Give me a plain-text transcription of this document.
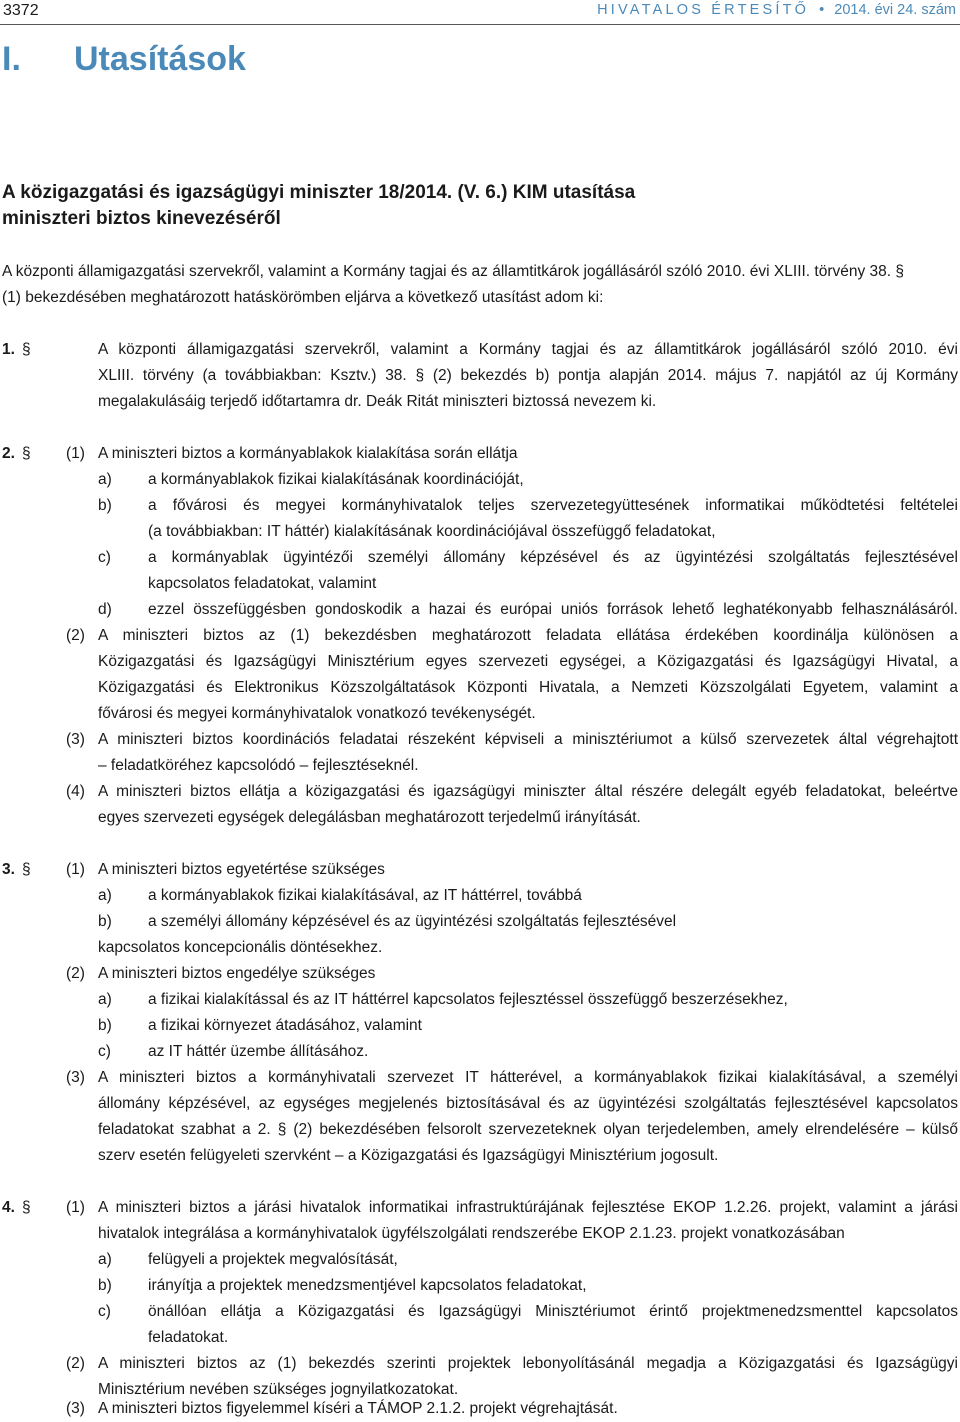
3372	HIVATALOS ÉRTESÍTŐ • 2014. évi 24. szám
I. Utasítások
A közigazgatási és igazságügyi miniszter 18/2014. (V. 6.) KIM utasítása
miniszteri biztos kinevezéséről
A központi államigazgatási szervekről, valamint a Kormány tagjai és az államtitkárok jogállásáról szóló 2010. évi XLIII. törvény 38. §
(1) bekezdésében meghatározott hatáskörömben eljárva a következő utasítást adom ki:
1. §	A központi államigazgatási szervekről, valamint a Kormány tagjai és az államtitkárok jogállásáról szóló 2010. évi
XLIII. törvény (a továbbiakban: Ksztv.) 38. § (2) bekezdés b) pontja alapján 2014. május 7. napjától az új Kormány
megalakulásáig terjedő időtartamra dr. Deák Ritát miniszteri biztossá nevezem ki.
2. § (1) A miniszteri biztos a kormányablakok kialakítása során ellátja
a) a kormányablakok fizikai kialakításának koordinációját,
b) a fővárosi és megyei kormányhivatalok teljes szervezetegyüttesének informatikai működtetési feltételei
(a továbbiakban: IT háttér) kialakításának koordinációjával összefüggő feladatokat,
c) a kormányablak ügyintézői személyi állomány képzésével és az ügyintézési szolgáltatás fejlesztésével
kapcsolatos feladatokat, valamint
d) ezzel összefüggésben gondoskodik a hazai és európai uniós források lehető leghatékonyabb felhasználásáról.
(2) A miniszteri biztos az (1) bekezdésben meghatározott feladata ellátása érdekében koordinálja különösen a
Közigazgatási és Igazságügyi Minisztérium egyes szervezeti egységei, a Közigazgatási és Igazságügyi Hivatal, a
Közigazgatási és Elektronikus Közszolgáltatások Központi Hivatala, a Nemzeti Közszolgálati Egyetem, valamint a
fővárosi és megyei kormányhivatalok vonatkozó tevékenységét.
(3) A miniszteri biztos koordinációs feladatai részeként képviseli a minisztériumot a külső szervezetek által végrehajtott
– feladatköréhez kapcsolódó – fejlesztéseknél.
(4) A miniszteri biztos ellátja a közigazgatási és igazságügyi miniszter által részére delegált egyéb feladatokat, beleértve
egyes szervezeti egységek delegálásban meghatározott terjedelmű irányítását.
3. § (1) A miniszteri biztos egyetértése szükséges
a) a kormányablakok fizikai kialakításával, az IT háttérrel, továbbá
b) a személyi állomány képzésével és az ügyintézési szolgáltatás fejlesztésével
kapcsolatos koncepcionális döntésekhez.
(2) A miniszteri biztos engedélye szükséges
a) a fizikai kialakítással és az IT háttérrel kapcsolatos fejlesztéssel összefüggő beszerzésekhez,
b) a fizikai környezet átadásához, valamint
c) az IT háttér üzembe állításához.
(3) A miniszteri biztos a kormányhivatali szervezet IT hátterével, a kormányablakok fizikai kialakításával, a személyi
állomány képzésével, az egységes megjelenés biztosításával és az ügyintézési szolgáltatás fejlesztésével kapcsolatos
feladatokat szabhat a 2. § (2) bekezdésében felsorolt szervezeteknek olyan terjedelemben, amely elrendelésére – külső
szerv esetén felügyeleti szervként – a Közigazgatási és Igazságügyi Minisztérium jogosult.
4. § (1) A miniszteri biztos a járási hivatalok informatikai infrastruktúrájának fejlesztése EKOP 1.2.26. projekt, valamint a járási
hivatalok integrálása a kormányhivatalok ügyfélszolgálati rendszerébe EKOP 2.1.23. projekt vonatkozásában
a) felügyeli a projektek megvalósítását,
b) irányítja a projektek menedzsmentjével kapcsolatos feladatokat,
c) önállóan ellátja a Közigazgatási és Igazságügyi Minisztériumot érintő projektmenedzsmenttel kapcsolatos
feladatokat.
(2) A miniszteri biztos az (1) bekezdés szerinti projektek lebonyolításánál megadja a Közigazgatási és Igazságügyi
Minisztérium nevében szükséges jognyilatkozatokat.
(3) A miniszteri biztos figyelemmel kíséri a TÁMOP 2.1.2. projekt végrehajtását.
